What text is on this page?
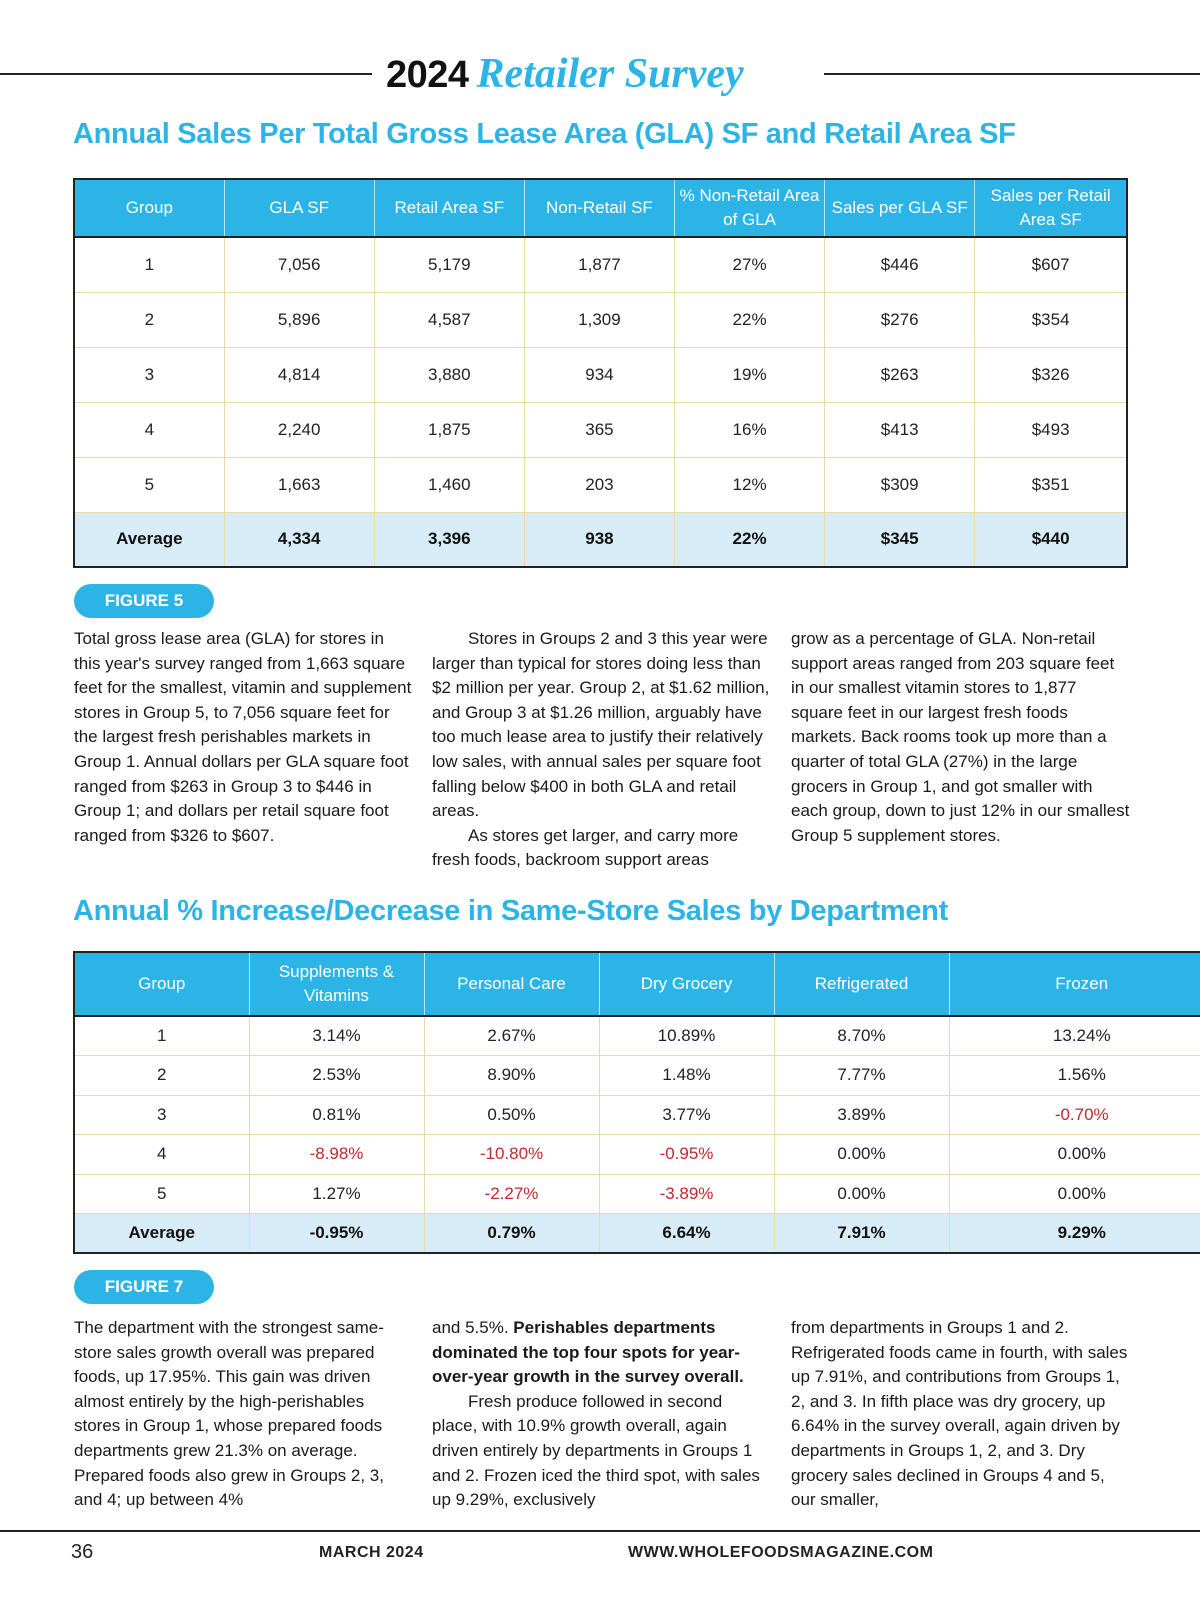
2024 Retailer Survey
Annual Sales Per Total Gross Lease Area (GLA) SF and Retail Area SF
Group	GLA SF	Retail Area SF	Non-Retail SF	% Non-Retail Area of GLA	Sales per GLA SF	Sales per Retail Area SF
1	7,056	5,179	1,877	27%	$446	$607
2	5,896	4,587	1,309	22%	$276	$354
3	4,814	3,880	934	19%	$263	$326
4	2,240	1,875	365	16%	$413	$493
5	1,663	1,460	203	12%	$309	$351
Average	4,334	3,396	938	22%	$345	$440
FIGURE 5

Total gross lease area (GLA) for stores in this year's survey ranged from 1,663 square feet for the smallest, vitamin and supplement stores in Group 5, to 7,056 square feet for the largest fresh perishables markets in Group 1. Annual dollars per GLA square foot ranged from $263 in Group 3 to $446 in Group 1; and dollars per retail square foot ranged from $326 to $607.

Stores in Groups 2 and 3 this year were larger than typical for stores doing less than $2 million per year. Group 2, at $1.62 million, and Group 3 at $1.26 million, arguably have too much lease area to justify their relatively low sales, with annual sales per square foot falling below $400 in both GLA and retail areas.

As stores get larger, and carry more fresh foods, backroom support areas

grow as a percentage of GLA. Non-retail support areas ranged from 203 square feet in our smallest vitamin stores to 1,877 square feet in our largest fresh foods markets. Back rooms took up more than a quarter of total GLA (27%) in the large grocers in Group 1, and got smaller with each group, down to just 12% in our smallest Group 5 supplement stores.

Annual % Increase/Decrease in Same-Store Sales by Department
Group	Supplements & Vitamins	Personal Care	Dry Grocery	Refrigerated	Frozen
1	3.14%	2.67%	10.89%	8.70%	13.24%
2	2.53%	8.90%	1.48%	7.77%	1.56%
3	0.81%	0.50%	3.77%	3.89%	-0.70%
4	-8.98%	-10.80%	-0.95%	0.00%	0.00%
5	1.27%	-2.27%	-3.89%	0.00%	0.00%
Average	-0.95%	0.79%	6.64%	7.91%	9.29%
FIGURE 7

The department with the strongest same-store sales growth overall was prepared foods, up 17.95%. This gain was driven almost entirely by the high-perishables stores in Group 1, whose prepared foods departments grew 21.3% on average. Prepared foods also grew in Groups 2, 3, and 4; up between 4%

and 5.5%. Perishables departments dominated the top four spots for year-over-year growth in the survey overall.

Fresh produce followed in second place, with 10.9% growth overall, again driven entirely by departments in Groups 1 and 2. Frozen iced the third spot, with sales up 9.29%, exclusively

from departments in Groups 1 and 2. Refrigerated foods came in fourth, with sales up 7.91%, and contributions from Groups 1, 2, and 3. In fifth place was dry grocery, up 6.64% in the survey overall, again driven by departments in Groups 1, 2, and 3. Dry grocery sales declined in Groups 4 and 5, our smaller,

36	MARCH 2024	WWW.WHOLEFOODSMAGAZINE.COM
